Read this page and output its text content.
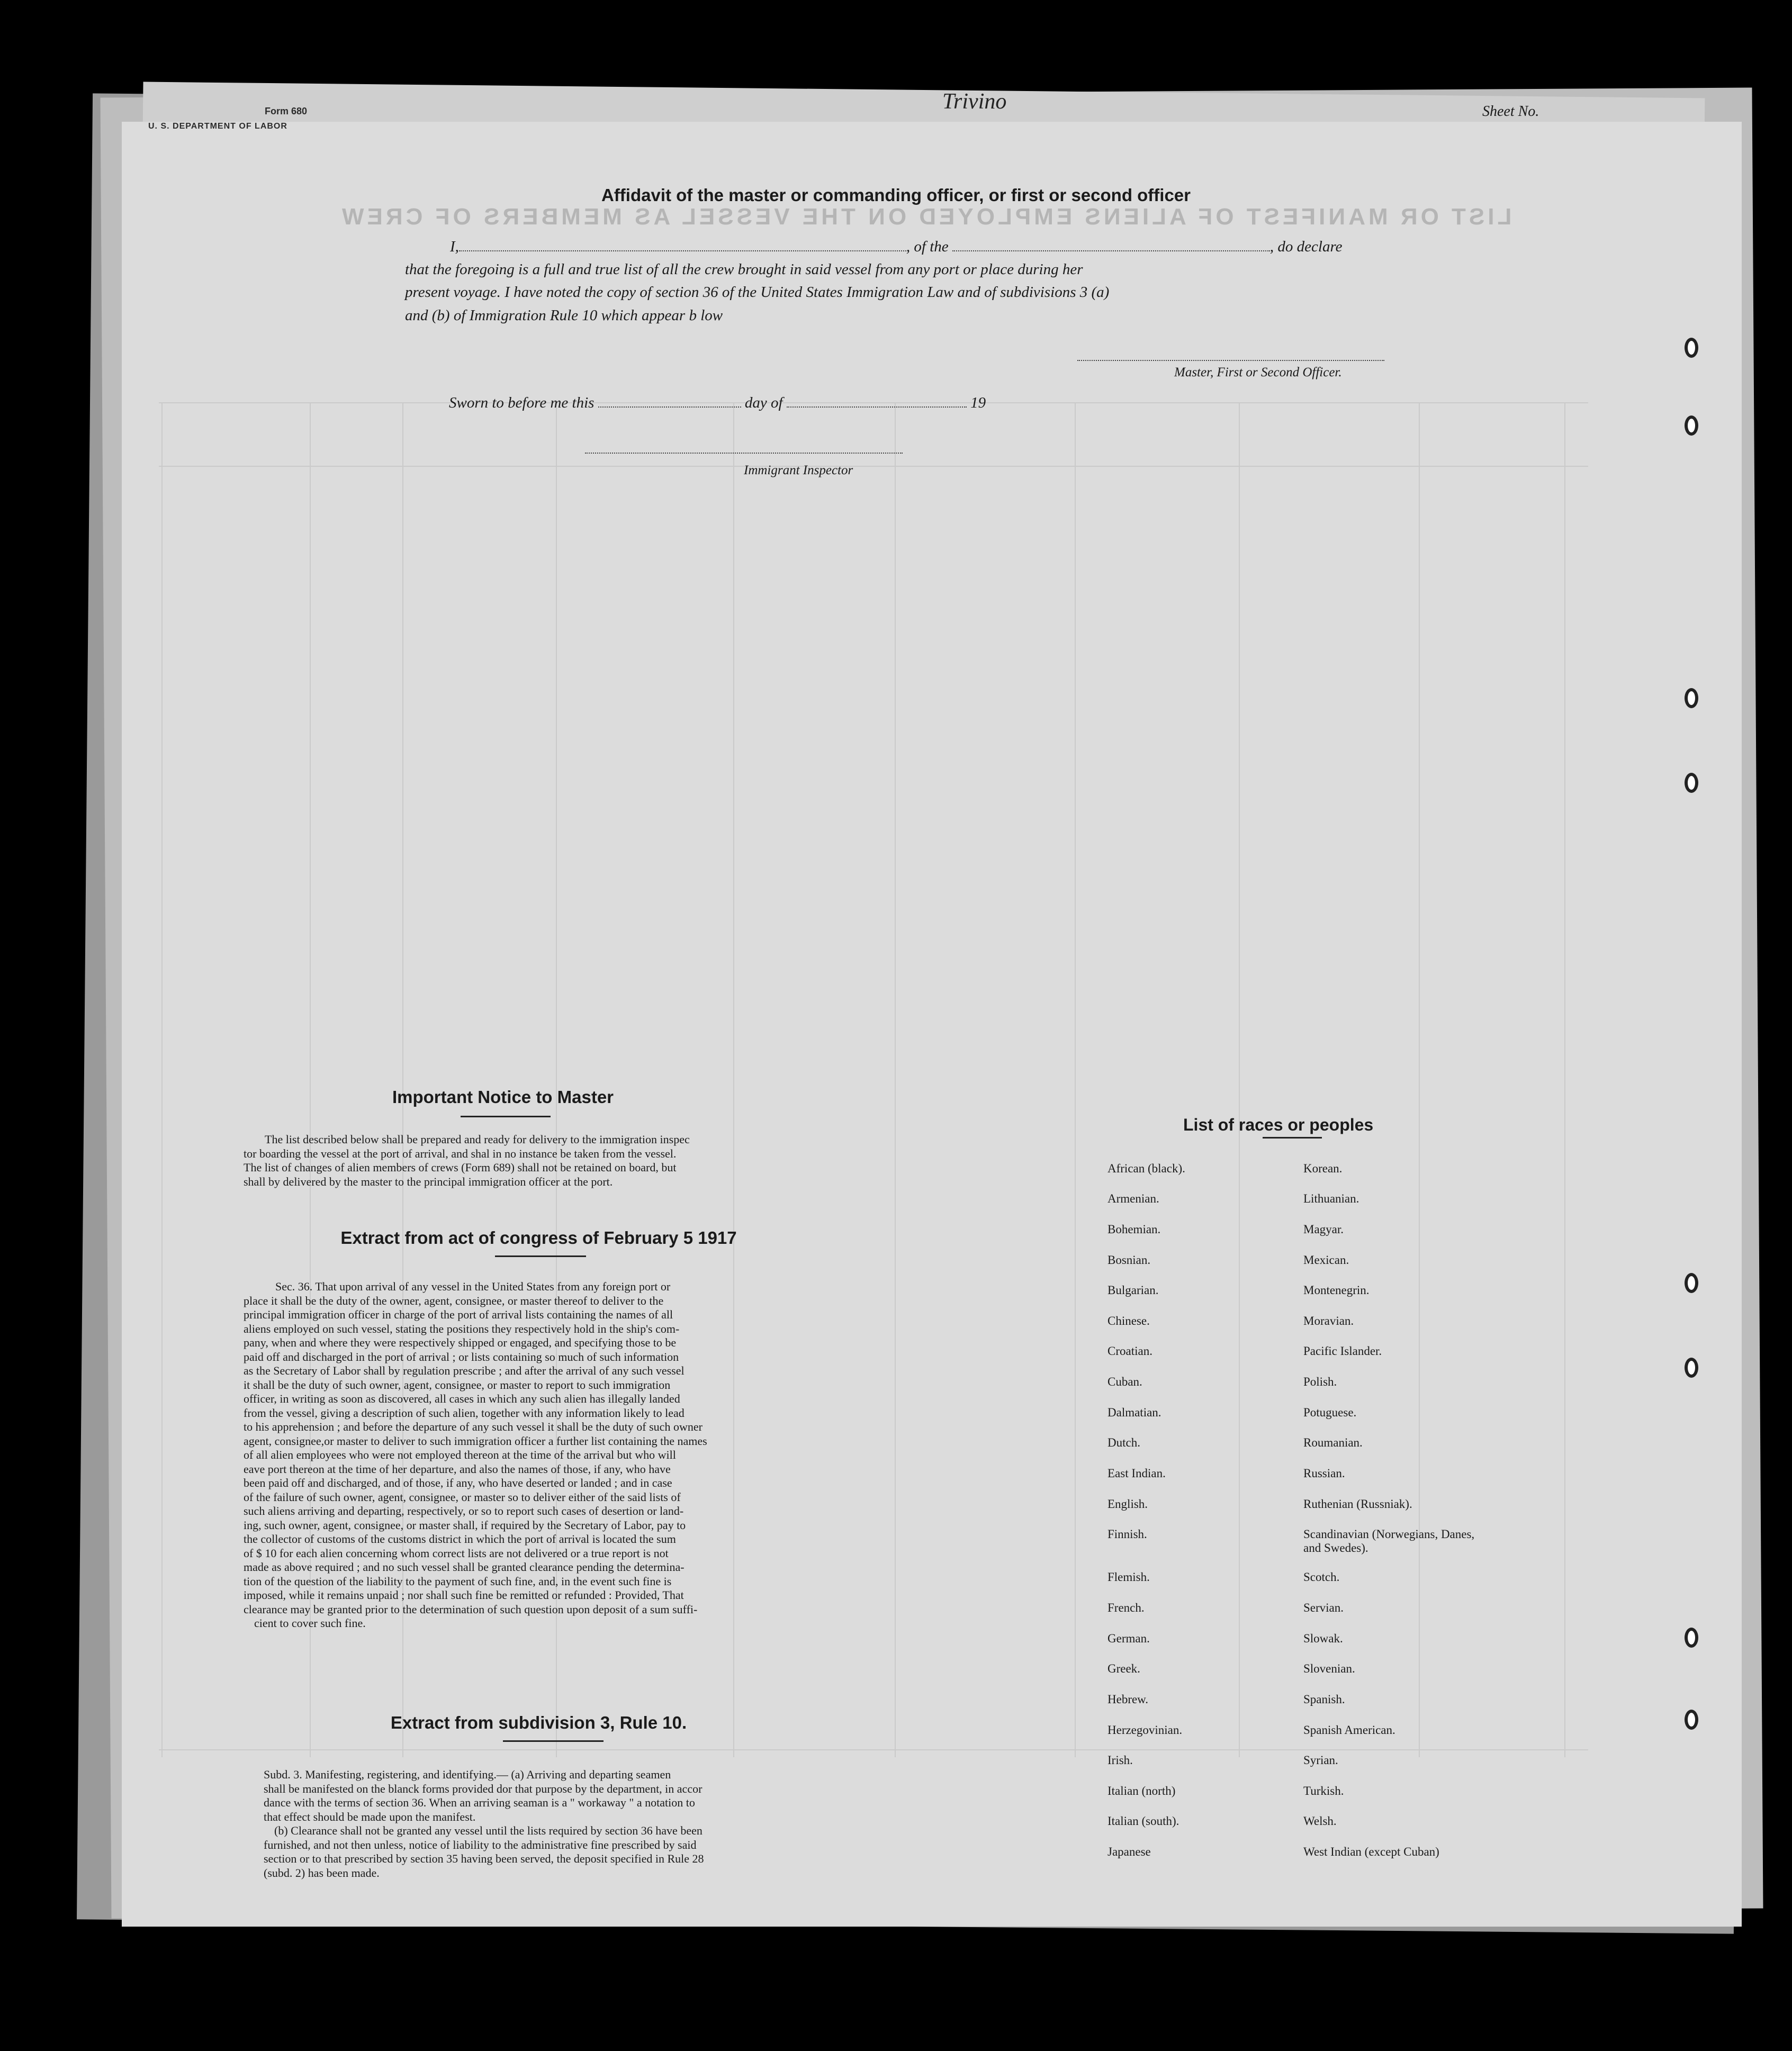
LIST OR MANIFEST OF ALIENS EMPLOYED ON THE VESSEL AS MEMBERS OF CREW
Form 680
U. S. DEPARTMENT OF LABOR
Trivino	Sheet No.
Affidavit of the master or commanding officer, or first or second officer
I,	, of the	, do declare
that the foregoing is a full and true list of all the crew brought in said vessel from any port or place during her
present voyage. I have noted the copy of section 36 of the United States Immigration Law and of subdivisions 3 (a)
and (b) of Immigration Rule 10 which appear b low
Master, First or Second Officer.
Sworn to before me this	day of	19
Immigrant Inspector
Important Notice to Master
The list described below shall be prepared and ready for delivery to the immigration inspec
tor boarding the vessel at the port of arrival, and shal in no instance be taken from the vessel.
The list of changes of alien members of crews (Form 689) shall not be retained on board, but
shall by delivered by the master to the principal immigration officer at the port.
Extract from act of congress of February 5 1917
Sec. 36. That upon arrival of any vessel in the United States from any foreign port or
place it shall be the duty of the owner, agent, consignee, or master thereof to deliver to the
principal immigration officer in charge of the port of arrival lists containing the names of all
aliens employed on such vessel, stating the positions they respectively hold in the ship's com-
pany, when and where they were respectively shipped or engaged, and specifying those to be
paid off and discharged in the port of arrival ; or lists containing so much of such information
as the Secretary of Labor shall by regulation prescribe ; and after the arrival of any such vessel
it shall be the duty of such owner, agent, consignee, or master to report to such immigration
officer, in writing as soon as discovered, all cases in which any such alien has illegally landed
from the vessel, giving a description of such alien, together with any information likely to lead
to his apprehension ; and before the departure of any such vessel it shall be the duty of such owner
agent, consignee,or master to deliver to such immigration officer a further list containing the names
of all alien employees who were not employed thereon at the time of the arrival but who will
eave port thereon at the time of her departure, and also the names of those, if any, who have
been paid off and discharged, and of those, if any, who have deserted or landed ; and in case
of the failure of such owner, agent, consignee, or master so to deliver either of the said lists of
such aliens arriving and departing, respectively, or so to report such cases of desertion or land-
ing, such owner, agent, consignee, or master shall, if required by the Secretary of Labor, pay to
the collector of customs of the customs district in which the port of arrival is located the sum
of $ 10 for each alien concerning whom correct lists are not delivered or a true report is not
made as above required ; and no such vessel shall be granted clearance pending the determina-
tion of the question of the liability to the payment of such fine, and, in the event such fine is
imposed, while it remains unpaid ; nor shall such fine be remitted or refunded : Provided, That
clearance may be granted prior to the determination of such question upon deposit of a sum suffi-
cient to cover such fine.
Extract from subdivision 3, Rule 10.
Subd. 3. Manifesting, registering, and identifying.— (a) Arriving and departing seamen
shall be manifested on the blanck forms provided dor that purpose by the department, in accor
dance with the terms of section 36. When an arriving seaman is a " workaway " a notation to
that effect should be made upon the manifest.
(b) Clearance shall not be granted any vessel until the lists required by section 36 have been
furnished, and not then unless, notice of liability to the administrative fine prescribed by said
section or to that prescribed by section 35 having been served, the deposit specified in Rule 28
(subd. 2) has been made.
List of races or peoples
African (black).
Armenian.
Bohemian.
Bosnian.
Bulgarian.
Chinese.
Croatian.
Cuban.
Dalmatian.
Dutch.
East Indian.
English.
Finnish.
Flemish.
French.
German.
Greek.
Hebrew.
Herzegovinian.
Irish.
Italian (north)
Italian (south).
Japanese
Korean.
Lithuanian.
Magyar.
Mexican.
Montenegrin.
Moravian.
Pacific Islander.
Polish.
Potuguese.
Roumanian.
Russian.
Ruthenian (Russniak).
Scandinavian (Norwegians, Danes, and Swedes).
Scotch.
Servian.
Slowak.
Slovenian.
Spanish.
Spanish American.
Syrian.
Turkish.
Welsh.
West Indian (except Cuban)
